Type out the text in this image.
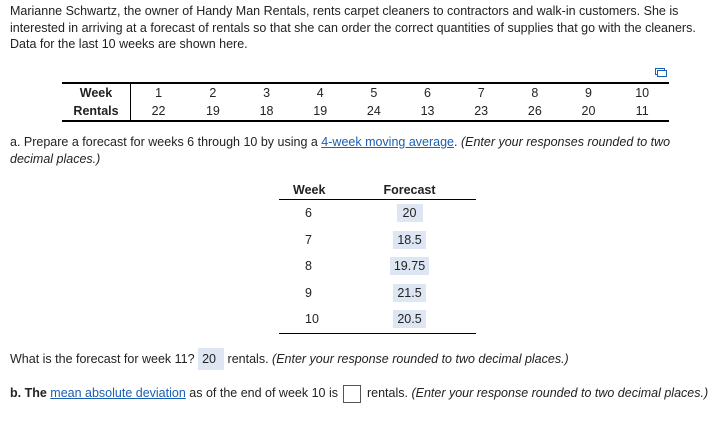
Marianne Schwartz, the owner of Handy Man Rentals, rents carpet cleaners to contractors and walk-in customers. She is interested in arriving at a forecast of rentals so that she can order the correct quantities of supplies that go with the cleaners. Data for the last 10 weeks are shown here.

Week	1	2	3	4	5	6	7	8	9	10
Rentals	22	19	18	19	24	13	23	26	20	11

a. Prepare a forecast for weeks 6 through 10 by using a 4-week moving average. (Enter your responses rounded to two decimal places.)

Week	Forecast
6	20
7	18.5
8	19.75
9	21.5
10	20.5

What is the forecast for week 11? 20 rentals. (Enter your response rounded to two decimal places.)

b. The mean absolute deviation as of the end of week 10 is rentals. (Enter your response rounded to two decimal places.)
